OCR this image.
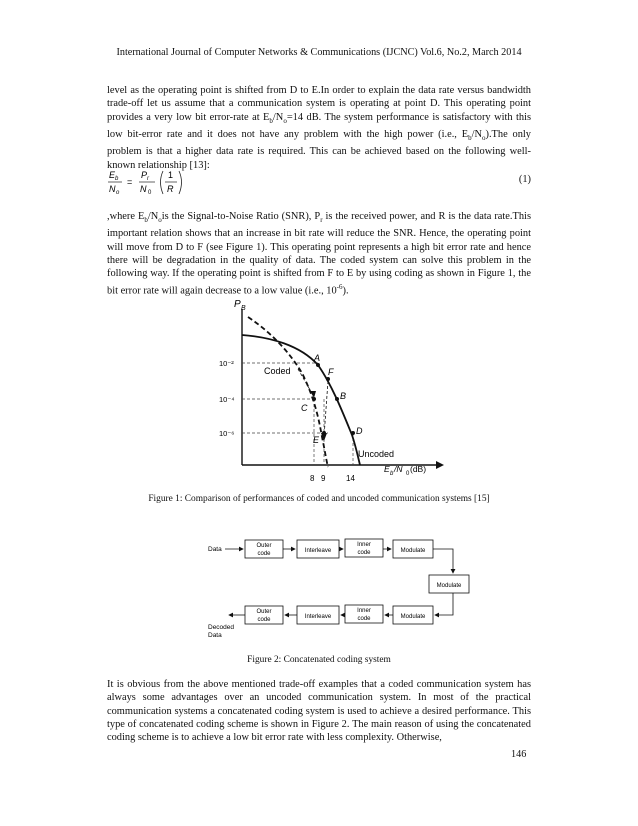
International Journal of Computer Networks & Communications (IJCNC) Vol.6, No.2, March 2014

level as the operating point is shifted from D to E.In order to explain the data rate versus bandwidth trade-off let us assume that a communication system is operating at point D. This operating point provides a very low bit error-rate at $E_b/N_o=14$ dB. The system performance is satisfactory with this low bit-error rate and it does not have any problem with the high power (i.e., $E_b/N_o).The$ only problem is that a higher data rate is required. This can be achieved based on the following well-known relationship [13]:

E b
N o
=
P r
N 0
1
R
(1)

,where $E_b/N_ois$ the Signal-to-Noise Ratio (SNR), $P_r$ is the received power, and R is the data rate.This important relation shows that an increase in bit rate will reduce the SNR. Hence, the operating point will move from D to F (see Figure 1). This operating point represents a high bit error rate and hence there will be degradation in the quality of data. The coded system can solve this problem in the following way. If the operating point is shifted from F to E by using coding as shown in Figure 1, the bit error rate will again decrease to a low value (i.e., $10^{-6}$).

P B
10⁻²
10⁻⁴
10⁻⁶
A
F
B
C
E
D
Coded
Uncoded
8 9	14
E b /N 0 (dB)
Figure 1: Comparison of performances of coded and uncoded communication systems [15]
Data	Outer
code	Interleave
Inner
code	Modulate
Modulate
Modulate
Inner
code
Interleave
Outer
code
Decoded
Data
Figure 2: Concatenated coding system

It is obvious from the above mentioned trade-off examples that a coded communication system has always some advantages over an uncoded communication system. In most of the practical communication systems a concatenated coding system is used to achieve a desired performance. This type of concatenated coding scheme is shown in Figure 2. The main reason of using the concatenated coding scheme is to achieve a low bit error rate with less complexity. Otherwise,

146
